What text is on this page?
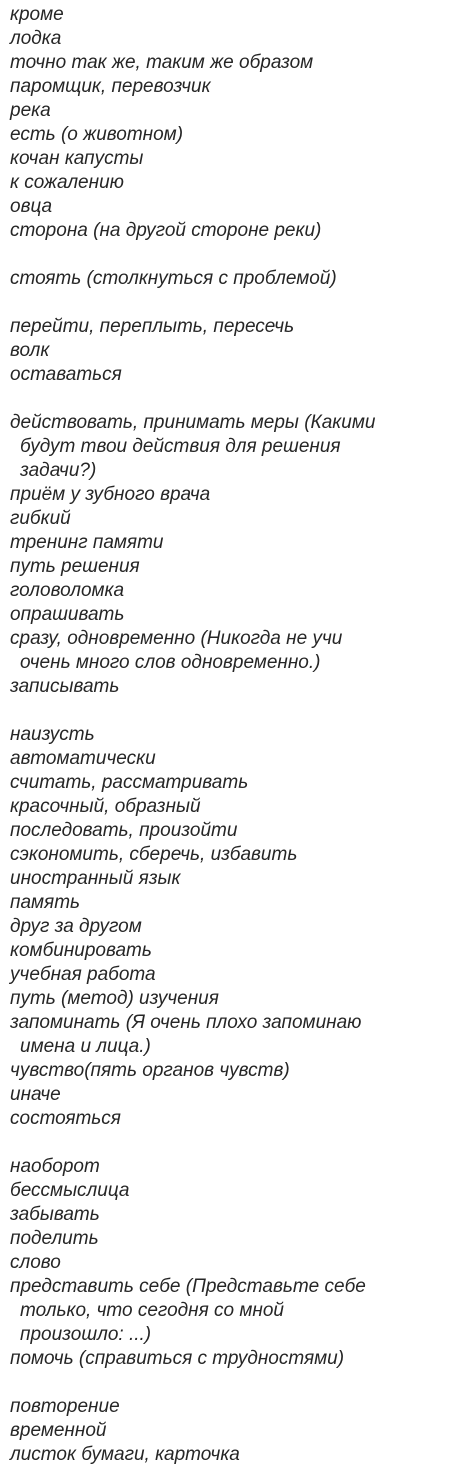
кроме
лодка
точно так же, таким же образом
паромщик, перевозчик
река
есть (о животном)
кочан капусты
к сожалению
овца
сторона (на другой стороне реки)
стоять (столкнуться с проблемой)
перейти, переплыть, пересечь
волк
оставаться
действовать, принимать меры (Какими
будут твои действия для решения
задачи?)
приём у зубного врача
гибкий
тренинг памяти
путь решения
головоломка
опрашивать
сразу, одновременно (Никогда не учи
очень много слов одновременно.)
записывать
наизусть
автоматически
считать, рассматривать
красочный, образный
последовать, произойти
сэкономить, сберечь, избавить
иностранный язык
память
друг за другом
комбинировать
учебная работа
путь (метод) изучения
запоминать (Я очень плохо запоминаю
имена и лица.)
чувство(пять органов чувств)
иначе
состояться
наоборот
бессмыслица
забывать
поделить
слово
представить себе (Представьте себе
только, что сегодня со мной
произошло: ...)
помочь (справиться с трудностями)
повторение
временной
листок бумаги, карточка
